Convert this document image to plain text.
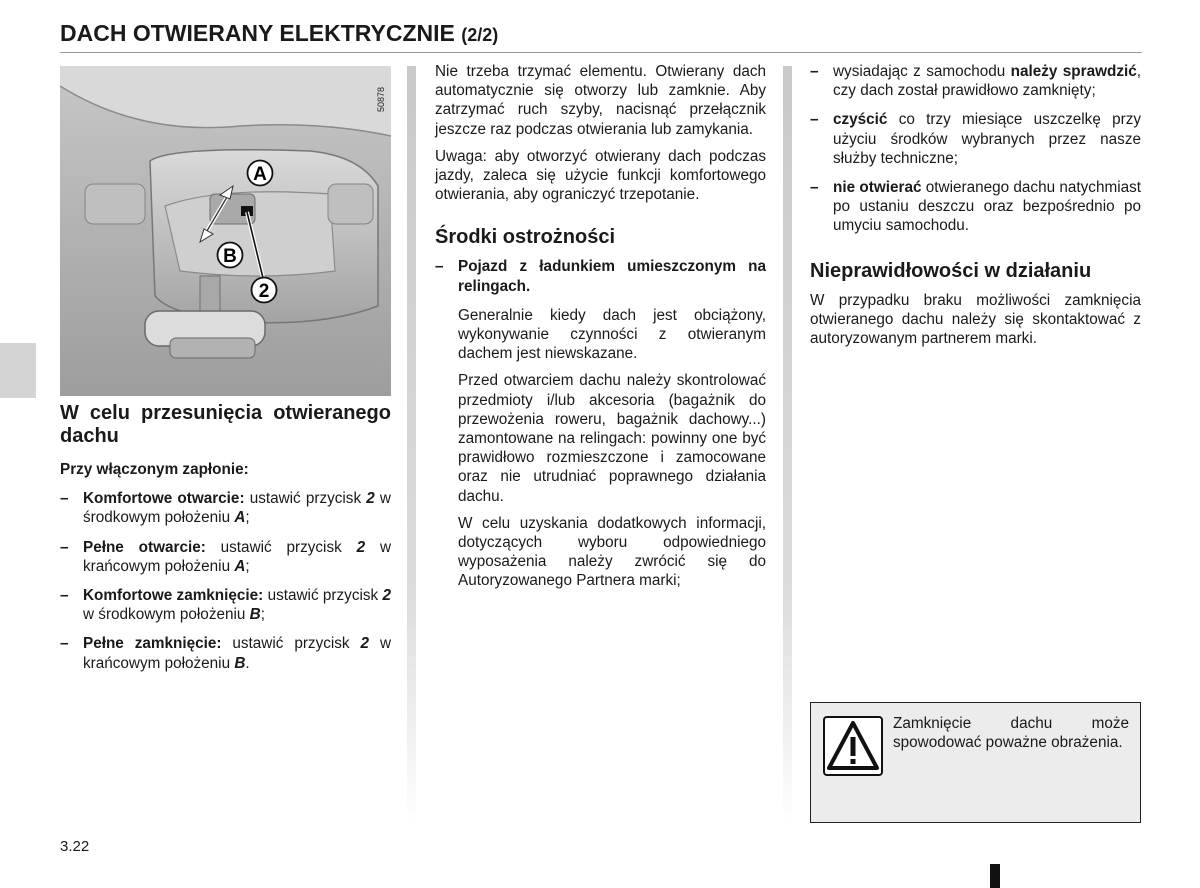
DACH OTWIERANY ELEKTRYCZNIE (2/2)
A
B
2
50878
W celu przesunięcia otwieranego dachu

Przy włączonym zapłonie:

– Komfortowe otwarcie: ustawić przycisk 2 w środkowym położeniu A;
– Pełne otwarcie: ustawić przycisk 2 w krańcowym położeniu A;
– Komfortowe zamknięcie: ustawić przycisk 2 w środkowym położeniu B;
– Pełne zamknięcie: ustawić przycisk 2 w krańcowym położeniu B.

Nie trzeba trzymać elementu. Otwierany dach automatycznie się otworzy lub zamknie. Aby zatrzymać ruch szyby, nacisnąć przełącznik jeszcze raz podczas otwierania lub zamykania.

Uwaga: aby otworzyć otwierany dach podczas jazdy, zaleca się użycie funkcji komfortowego otwierania, aby ograniczyć trzepotanie.

Środki ostrożności
– Pojazd z ładunkiem umieszczonym na relingach.

Generalnie kiedy dach jest obciążony, wykonywanie czynności z otwieranym dachem jest niewskazane.

Przed otwarciem dachu należy skontrolować przedmioty i/lub akcesoria (bagażnik do przewożenia roweru, bagażnik dachowy...) zamontowane na relingach: powinny one być prawidłowo rozmieszczone i zamocowane oraz nie utrudniać poprawnego działania dachu.

W celu uzyskania dodatkowych informacji, dotyczących wyboru odpowiedniego wyposażenia należy zwrócić się do Autoryzowanego Partnera marki;

– wysiadając z samochodu należy sprawdzić, czy dach został prawidłowo zamknięty;
– czyścić co trzy miesiące uszczelkę przy użyciu środków wybranych przez nasze służby techniczne;
– nie otwierać otwieranego dachu natychmiast po ustaniu deszczu oraz bezpośrednio po umyciu samochodu.
Nieprawidłowości w działaniu

W przypadku braku możliwości zamknięcia otwieranego dachu należy się skontaktować z autoryzowanym partnerem marki.

Zamknięcie dachu może spowodować poważne obrażenia.
3.22
